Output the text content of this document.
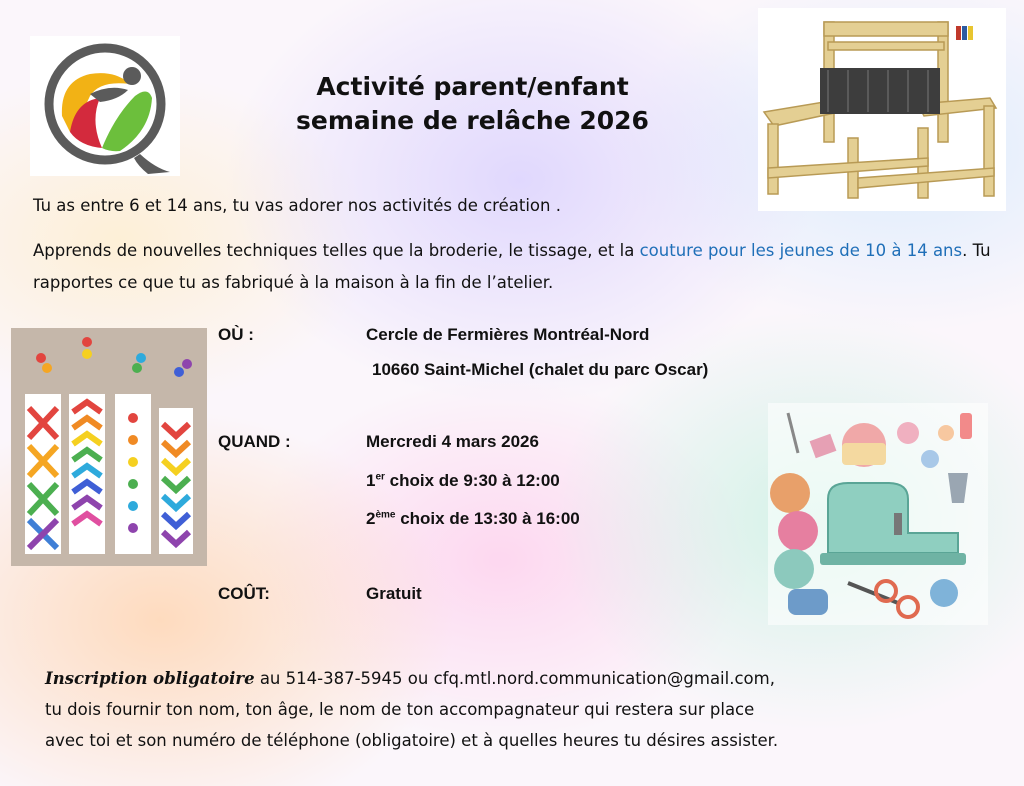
Activité parent/enfant
semaine de relâche 2026
Tu as entre 6 et 14 ans, tu vas adorer nos activités de création .
Apprends de nouvelles techniques telles que la broderie, le tissage, et la couture pour les jeunes de 10 à 14 ans. Tu rapportes ce que tu as fabriqué à la maison à la fin de l’atelier.
OÙ :	Cercle de Fermières Montréal-Nord
10660 Saint-Michel (chalet du parc Oscar)
QUAND :	Mercredi 4 mars 2026
1er choix de 9:30 à 12:00
2ème choix de 13:30 à 16:00
COÛT:	Gratuit
Inscription obligatoire au 514-387-5945 ou cfq.mtl.nord.communication@gmail.com,
tu dois fournir ton nom, ton âge, le nom de ton accompagnateur qui restera sur place
avec toi et son numéro de téléphone (obligatoire) et à quelles heures tu désires assister.
